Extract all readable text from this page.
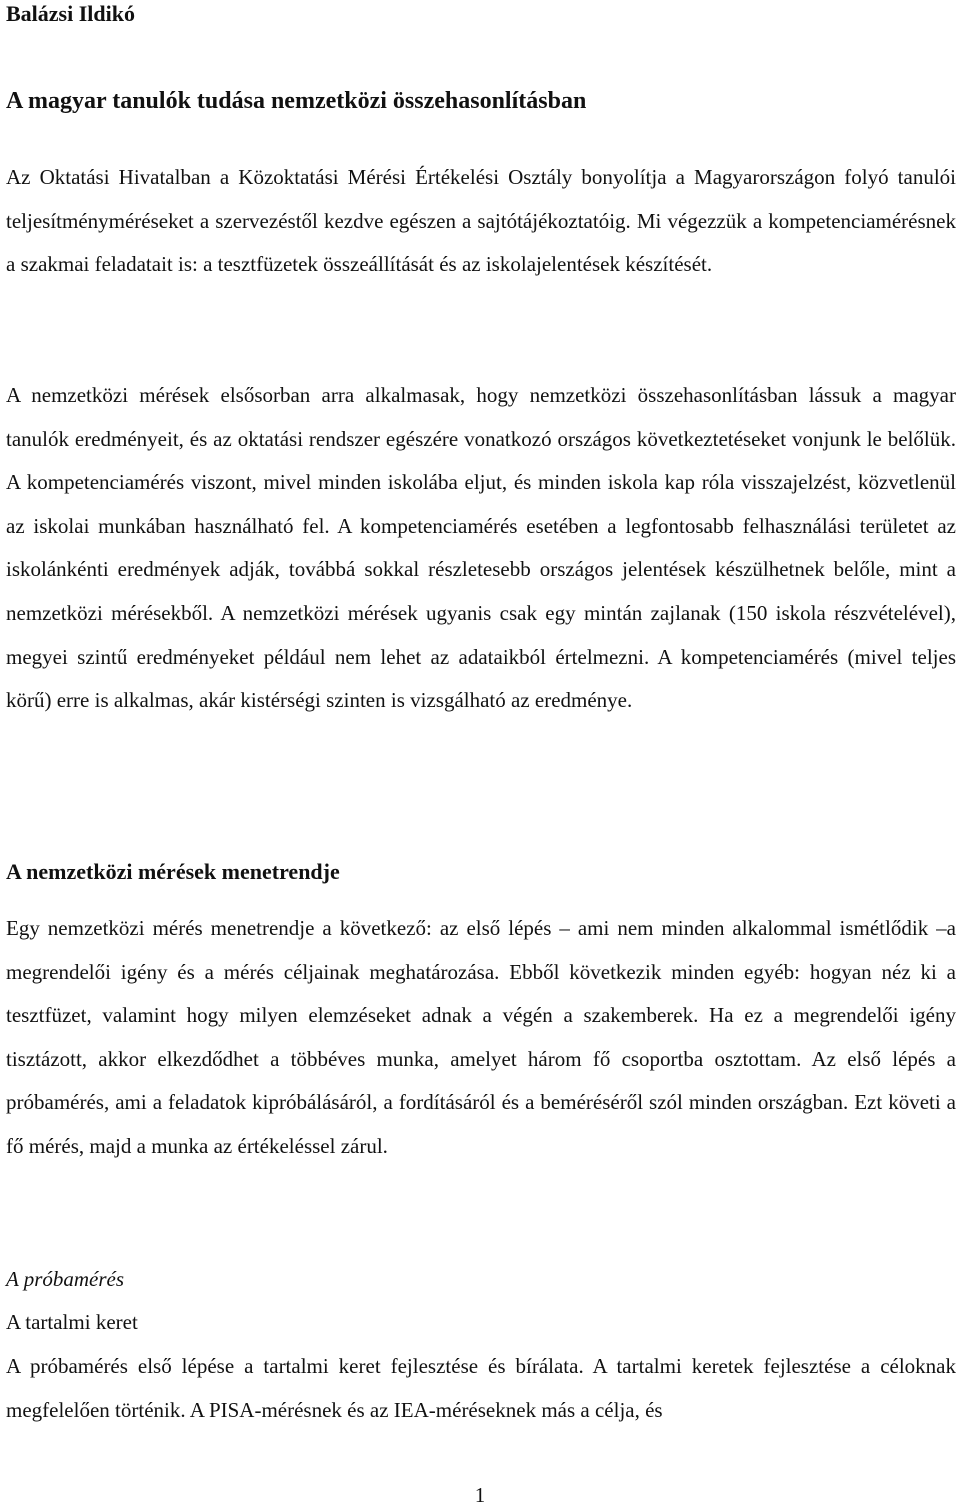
Balázsi Ildikó

A magyar tanulók tudása nemzetközi összehasonlításban

Az Oktatási Hivatalban a Közoktatási Mérési Értékelési Osztály bonyolítja a Magyarországon folyó tanulói teljesítményméréseket a szervezéstől kezdve egészen a sajtótájékoztatóig. Mi végezzük a kompetenciamérésnek a szakmai feladatait is: a tesztfüzetek összeállítását és az iskolajelentések készítését.

A nemzetközi mérések elsősorban arra alkalmasak, hogy nemzetközi összehasonlításban lássuk a magyar tanulók eredményeit, és az oktatási rendszer egészére vonatkozó országos következtetéseket vonjunk le belőlük. A kompetenciamérés viszont, mivel minden iskolába eljut, és minden iskola kap róla visszajelzést, közvetlenül az iskolai munkában használható fel. A kompetenciamérés esetében a legfontosabb felhasználási területet az iskolánkénti eredmények adják, továbbá sokkal részletesebb országos jelentések készülhetnek belőle, mint a nemzetközi mérésekből. A nemzetközi mérések ugyanis csak egy mintán zajlanak (150 iskola részvételével), megyei szintű eredményeket például nem lehet az adataikból értelmezni. A kompetenciamérés (mivel teljes körű) erre is alkalmas, akár kistérségi szinten is vizsgálható az eredménye.

A nemzetközi mérések menetrendje

Egy nemzetközi mérés menetrendje a következő: az első lépés – ami nem minden alkalommal ismétlődik –a megrendelői igény és a mérés céljainak meghatározása. Ebből következik minden egyéb: hogyan néz ki a tesztfüzet, valamint hogy milyen elemzéseket adnak a végén a szakemberek. Ha ez a megrendelői igény tisztázott, akkor elkezdődhet a többéves munka, amelyet három fő csoportba osztottam. Az első lépés a próbamérés, ami a feladatok kipróbálásáról, a fordításáról és a beméréséről szól minden országban. Ezt követi a fő mérés, majd a munka az értékeléssel zárul.

A próbamérés

A tartalmi keret

A próbamérés első lépése a tartalmi keret fejlesztése és bírálata. A tartalmi keretek fejlesztése a céloknak megfelelően történik. A PISA-mérésnek és az IEA-méréseknek más a célja, és

1
